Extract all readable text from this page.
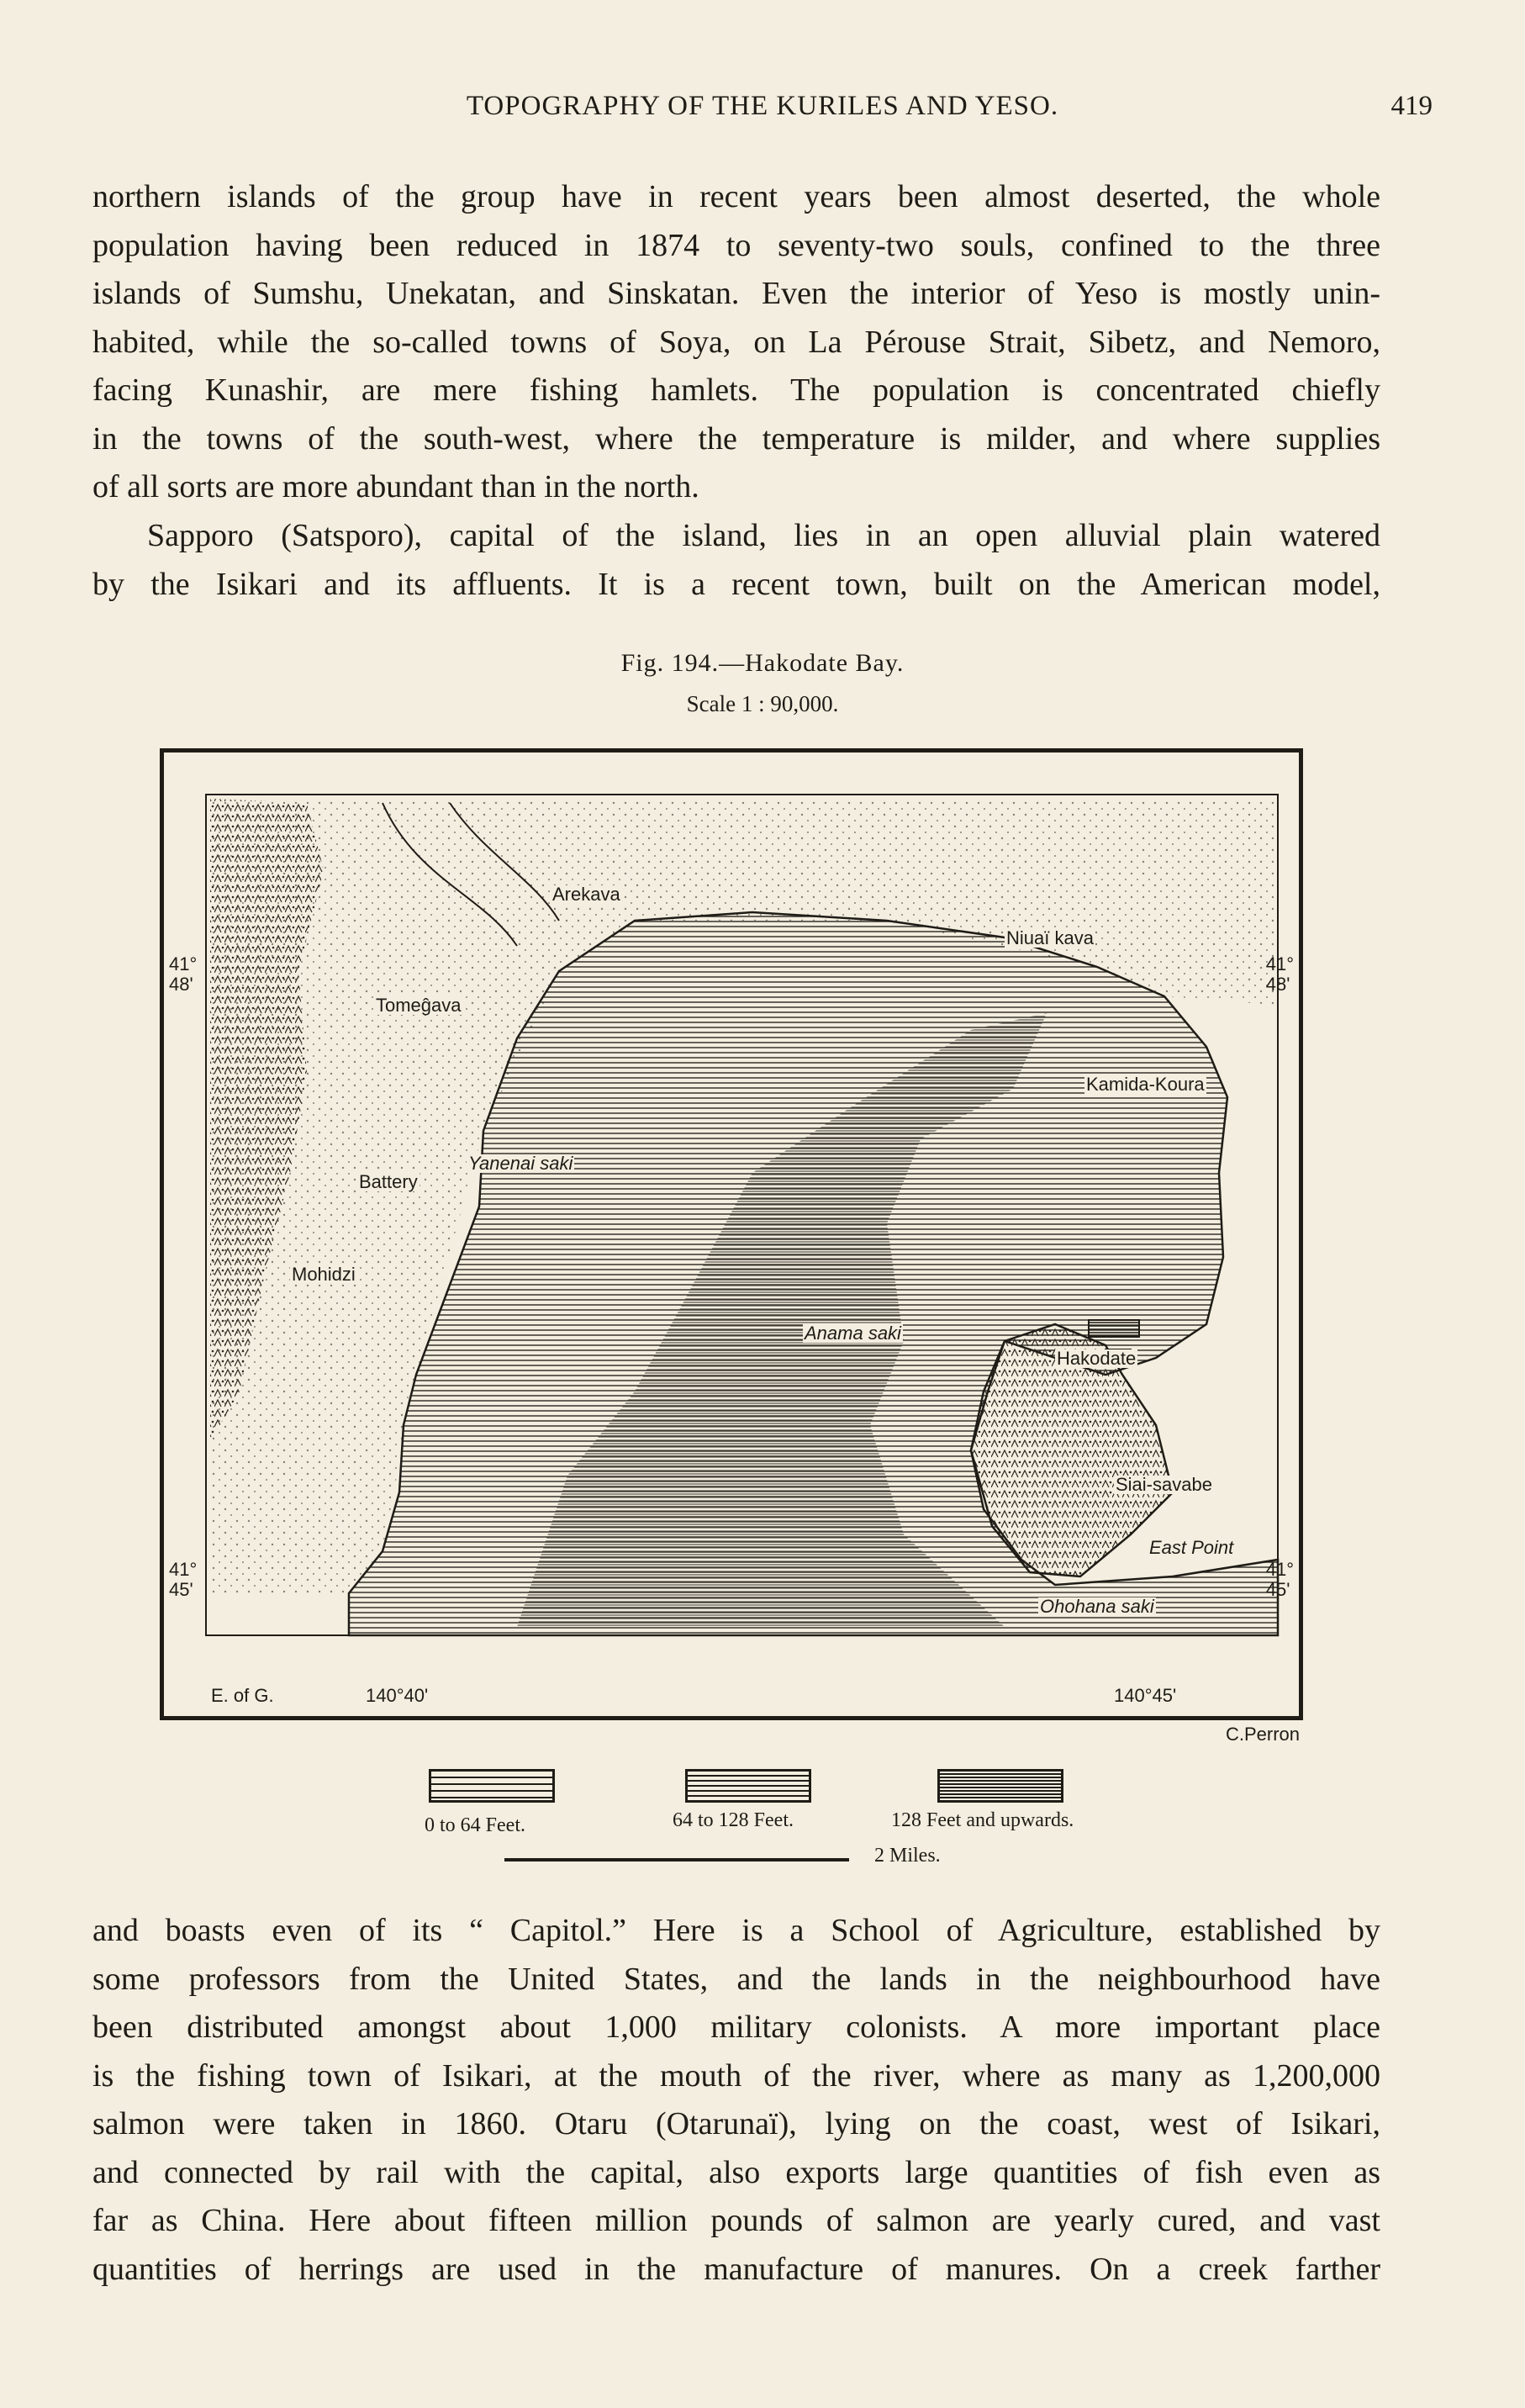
TOPOGRAPHY OF THE KURILES AND YESO.	419

northern islands of the group have in recent years been almost deserted, the whole
population having been reduced in 1874 to seventy-two souls, confined to the three
islands of Sumshu, Unekatan, and Sinskatan. Even the interior of Yeso is mostly unin-
habited, while the so-called towns of Soya, on La Pérouse Strait, Sibetz, and Nemoro,
facing Kunashir, are mere fishing hamlets. The population is concentrated chiefly
in the towns of the south-west, where the temperature is milder, and where supplies
of all sorts are more abundant than in the north.

Sapporo (Satsporo), capital of the island, lies in an open alluvial plain watered
by the Isikari and its affluents. It is a recent town, built on the American model,

Fig. 194.—Hakodate Bay.
Scale 1 : 90,000.
Arekava
Niuaï kava
Tomeĝava
Kamida-Koura
Yanenai saki
Battery
Mohidzi
Anama saki
Hakodate
Siai-savabe
East Point
Ohohana saki
41°
48'
41°
48'
41°
45'
41°
45'
E. of G.	140°40'	140°45'
C.Perron
0 to 64 Feet.	64 to 128 Feet.	128 Feet and upwards.
2 Miles.

and boasts even of its “ Capitol.” Here is a School of Agriculture, established by
some professors from the United States, and the lands in the neighbourhood have
been distributed amongst about 1,000 military colonists. A more important place
is the fishing town of Isikari, at the mouth of the river, where as many as 1,200,000
salmon were taken in 1860. Otaru (Otarunaï), lying on the coast, west of Isikari,
and connected by rail with the capital, also exports large quantities of fish even as
far as China. Here about fifteen million pounds of salmon are yearly cured, and vast
quantities of herrings are used in the manufacture of manures. On a creek farther
